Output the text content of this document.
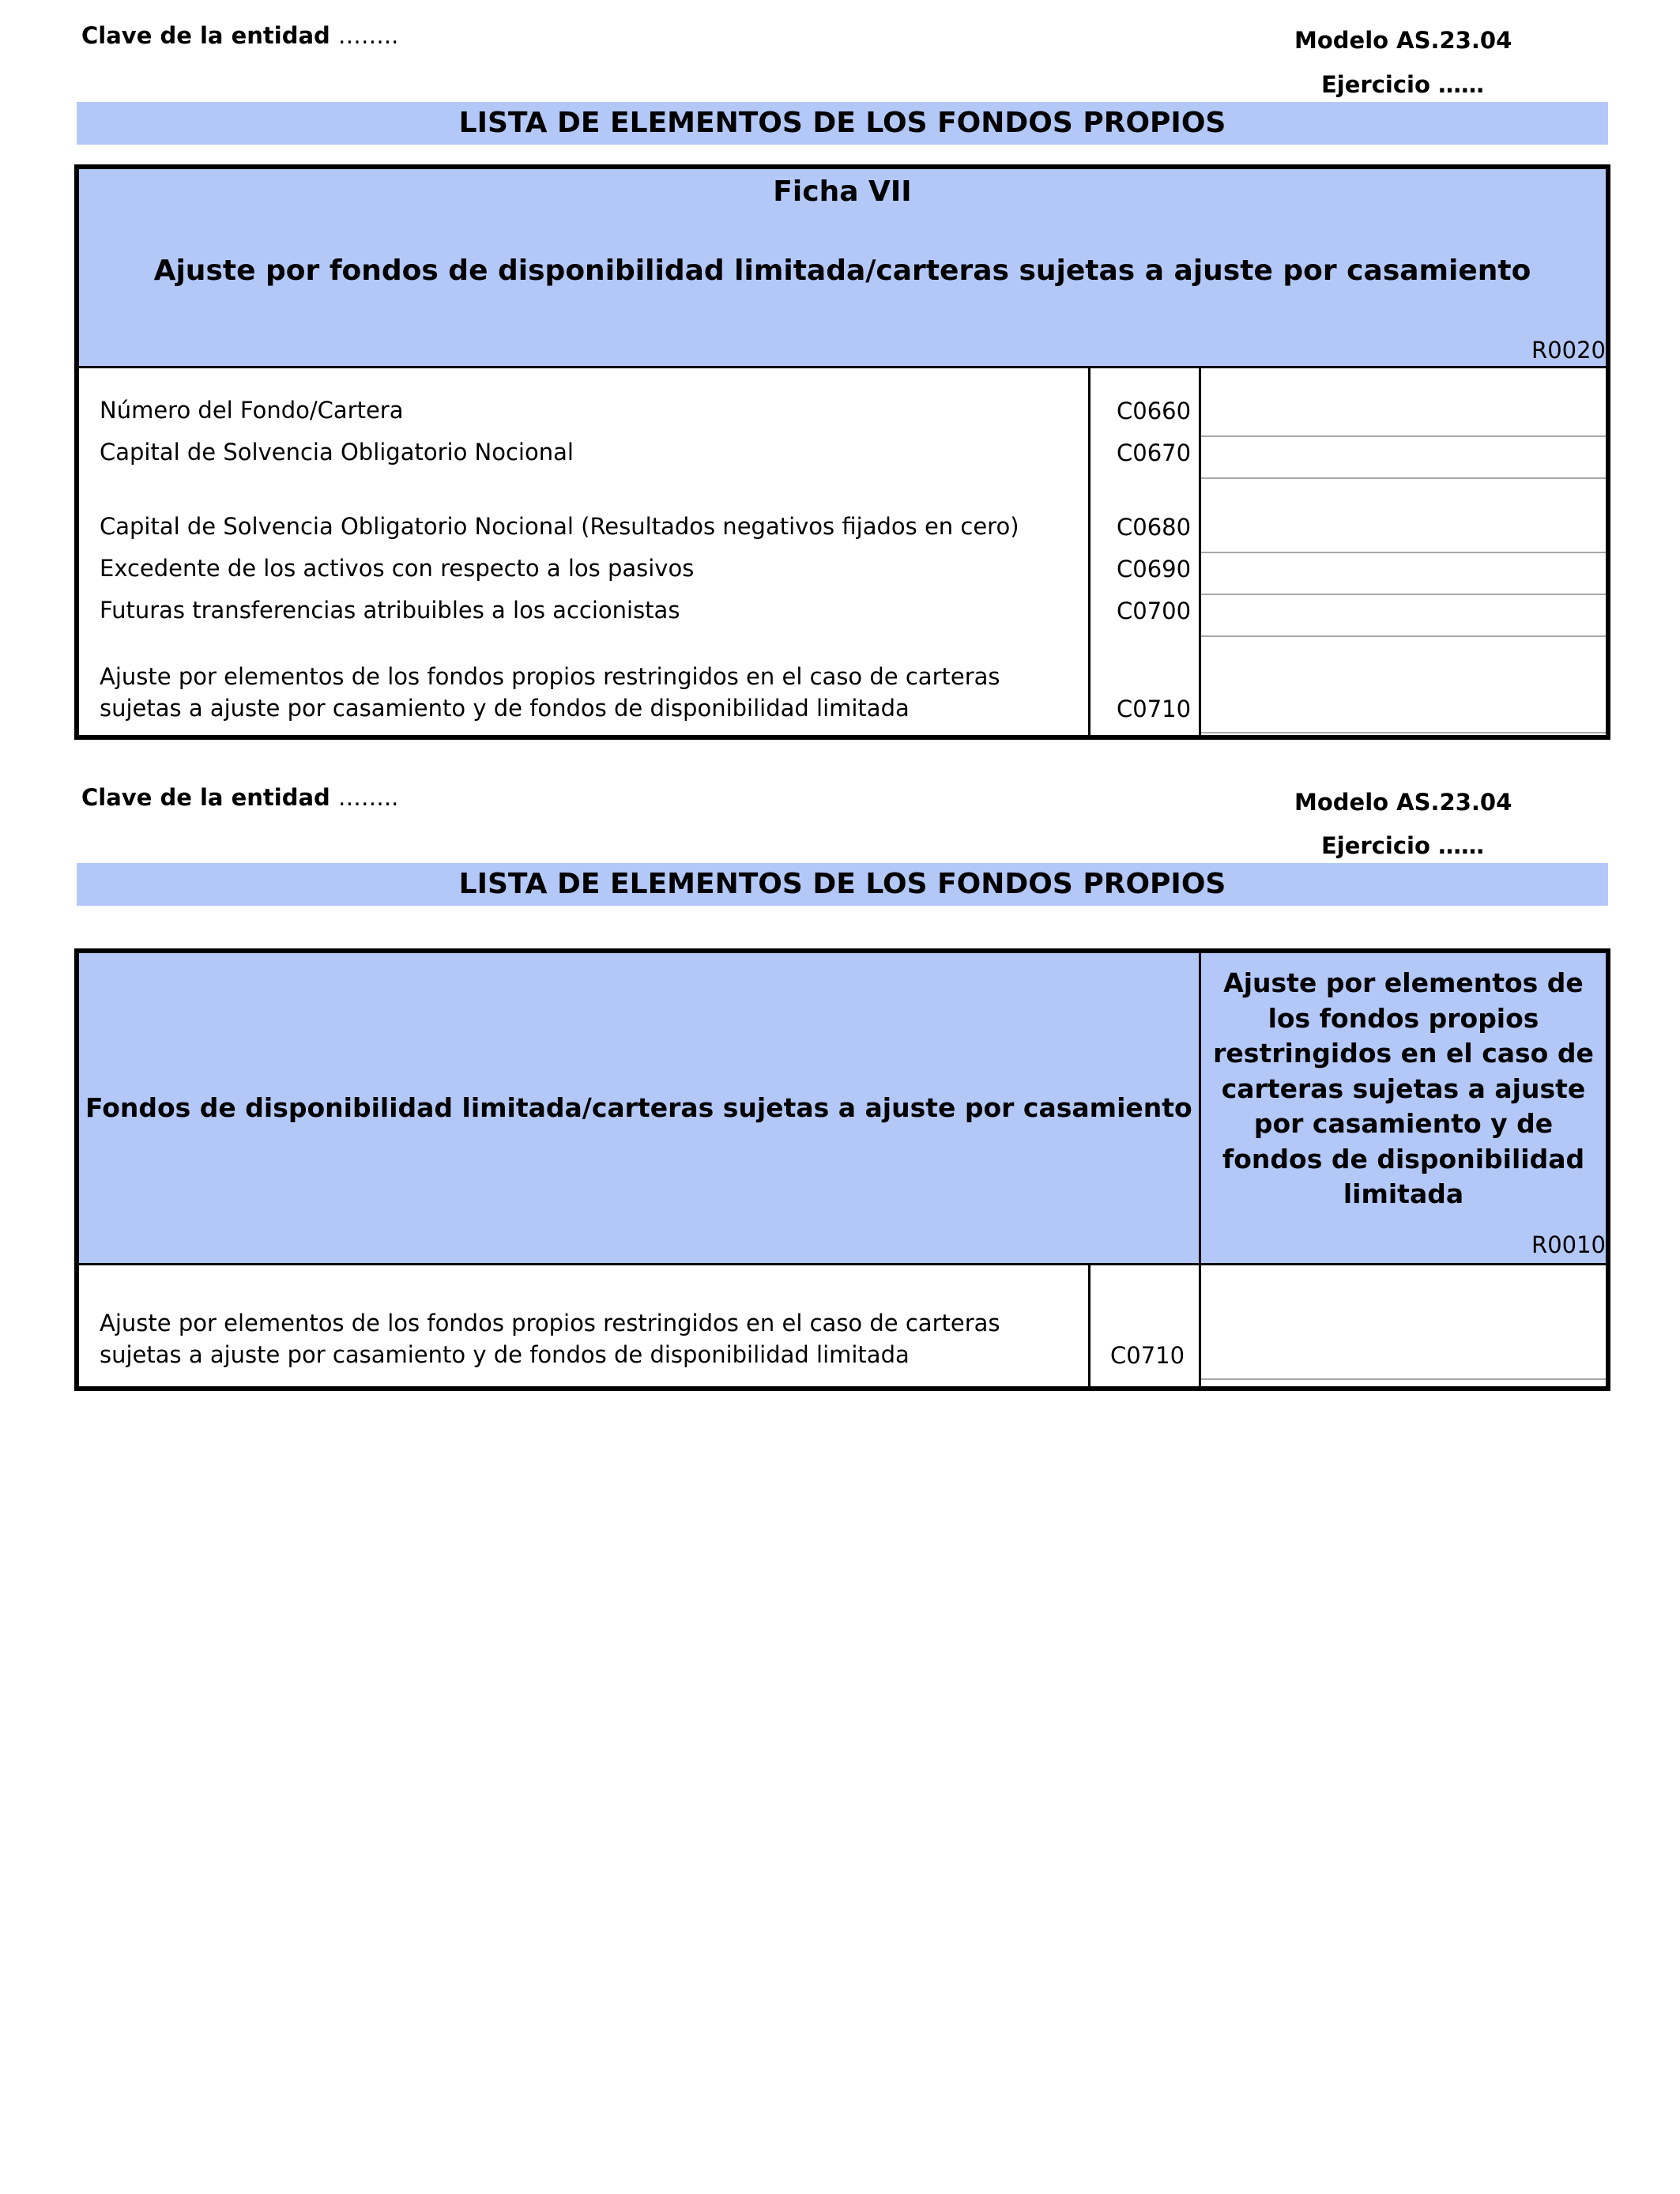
Clave de la entidad ……..	Modelo AS.23.04
Ejercicio ……
LISTA DE ELEMENTOS DE LOS FONDOS PROPIOS
Ficha VII
Ajuste por fondos de disponibilidad limitada/carteras sujetas a ajuste por casamiento
R0020
Número del Fondo/Cartera	C0660
Capital de Solvencia Obligatorio Nocional	C0670
Capital de Solvencia Obligatorio Nocional (Resultados negativos fijados en cero)	C0680
Excedente de los activos con respecto a los pasivos	C0690
Futuras transferencias atribuibles a los accionistas	C0700
Ajuste por elementos de los fondos propios restringidos en el caso de carteras
sujetas a ajuste por casamiento y de fondos de disponibilidad limitada	C0710
Clave de la entidad ……..	Modelo AS.23.04
Ejercicio ……
LISTA DE ELEMENTOS DE LOS FONDOS PROPIOS
Fondos de disponibilidad limitada/carteras sujetas a ajuste por casamiento
Ajuste por elementos de
los fondos propios
restringidos en el caso de
carteras sujetas a ajuste
por casamiento y de
fondos de disponibilidad
limitada
R0010
Ajuste por elementos de los fondos propios restringidos en el caso de carteras
sujetas a ajuste por casamiento y de fondos de disponibilidad limitada	C0710
